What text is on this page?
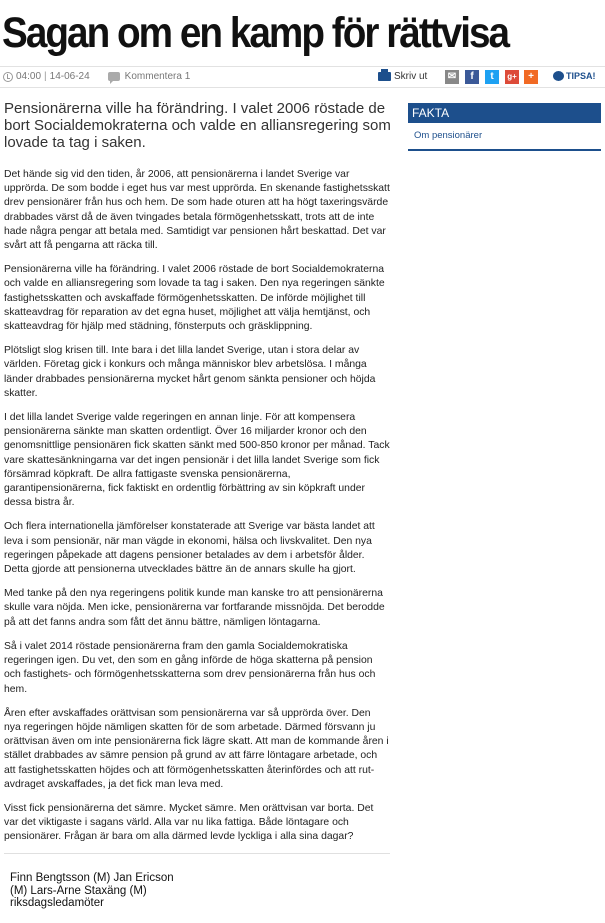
Sagan om en kamp för rättvisa
04:00 | 14-06-24	Kommentera 1	Skriv ut ✉	f	t	g+	+	TIPSA!

Pensionärerna ville ha förändring. I valet 2006 röstade de bort Socialdemokraterna och valde en alliansregering som lovade ta tag i saken.

Det hände sig vid den tiden, år 2006, att pensionärerna i landet Sverige var upprörda. De som bodde i eget hus var mest upprörda. En skenande fastighetsskatt drev pensionärer från hus och hem. De som hade oturen att ha högt taxeringsvärde drabbades värst då de även tvingades betala förmögenhetsskatt, trots att de inte hade några pengar att betala med. Samtidigt var pensionen hårt beskattad. Det var svårt att få pengarna att räcka till.

Pensionärerna ville ha förändring. I valet 2006 röstade de bort Socialdemokraterna och valde en alliansregering som lovade ta tag i saken. Den nya regeringen sänkte fastighetsskatten och avskaffade förmögenhetsskatten. De införde möjlighet till skatteavdrag för reparation av det egna huset, möjlighet att välja hemtjänst, och skatteavdrag för hjälp med städning, fönsterputs och gräsklippning.

Plötsligt slog krisen till. Inte bara i det lilla landet Sverige, utan i stora delar av världen. Företag gick i konkurs och många människor blev arbetslösa. I många länder drabbades pensionärerna mycket hårt genom sänkta pensioner och höjda skatter.

I det lilla landet Sverige valde regeringen en annan linje. För att kompensera pensionärerna sänkte man skatten ordentligt. Över 16 miljarder kronor och den genomsnittlige pensionären fick skatten sänkt med 500-850 kronor per månad. Tack vare skattesänkningarna var det ingen pensionär i det lilla landet Sverige som fick försämrad köpkraft. De allra fattigaste svenska pensionärerna, garantipensionärerna, fick faktiskt en ordentlig förbättring av sin köpkraft under dessa bistra år.

Och flera internationella jämförelser konstaterade att Sverige var bästa landet att leva i som pensionär, när man vägde in ekonomi, hälsa och livskvalitet. Den nya regeringen påpekade att dagens pensioner betalades av dem i arbetsför ålder. Detta gjorde att pensionerna utvecklades bättre än de annars skulle ha gjort.

Med tanke på den nya regeringens politik kunde man kanske tro att pensionärerna skulle vara nöjda. Men icke, pensionärerna var fortfarande missnöjda. Det berodde på att det fanns andra som fått det ännu bättre, nämligen löntagarna.

Så i valet 2014 röstade pensionärerna fram den gamla Socialdemokratiska regeringen igen. Du vet, den som en gång införde de höga skatterna på pension och fastighets- och förmögenhetsskatterna som drev pensionärerna från hus och hem.

Åren efter avskaffades orättvisan som pensionärerna var så upprörda över. Den nya regeringen höjde nämligen skatten för de som arbetade. Därmed försvann ju orättvisan även om inte pensionärerna fick lägre skatt. Att man de kommande åren i stället drabbades av sämre pension på grund av att färre löntagare arbetade, och att fastighetsskatten höjdes och att förmögenhetsskatten återinfördes och att rut-avdraget avskaffades, ja det fick man leva med.

Visst fick pensionärerna det sämre. Mycket sämre. Men orättvisan var borta. Det var det viktigaste i sagans värld. Alla var nu lika fattiga. Både löntagare och pensionärer. Frågan är bara om alla därmed levde lyckliga i alla sina dagar?

Finn Bengtsson (M) Jan Ericson
(M) Lars-Arne Staxäng (M)
riksdagsledamöter
FAKTA
Om pensionärer
